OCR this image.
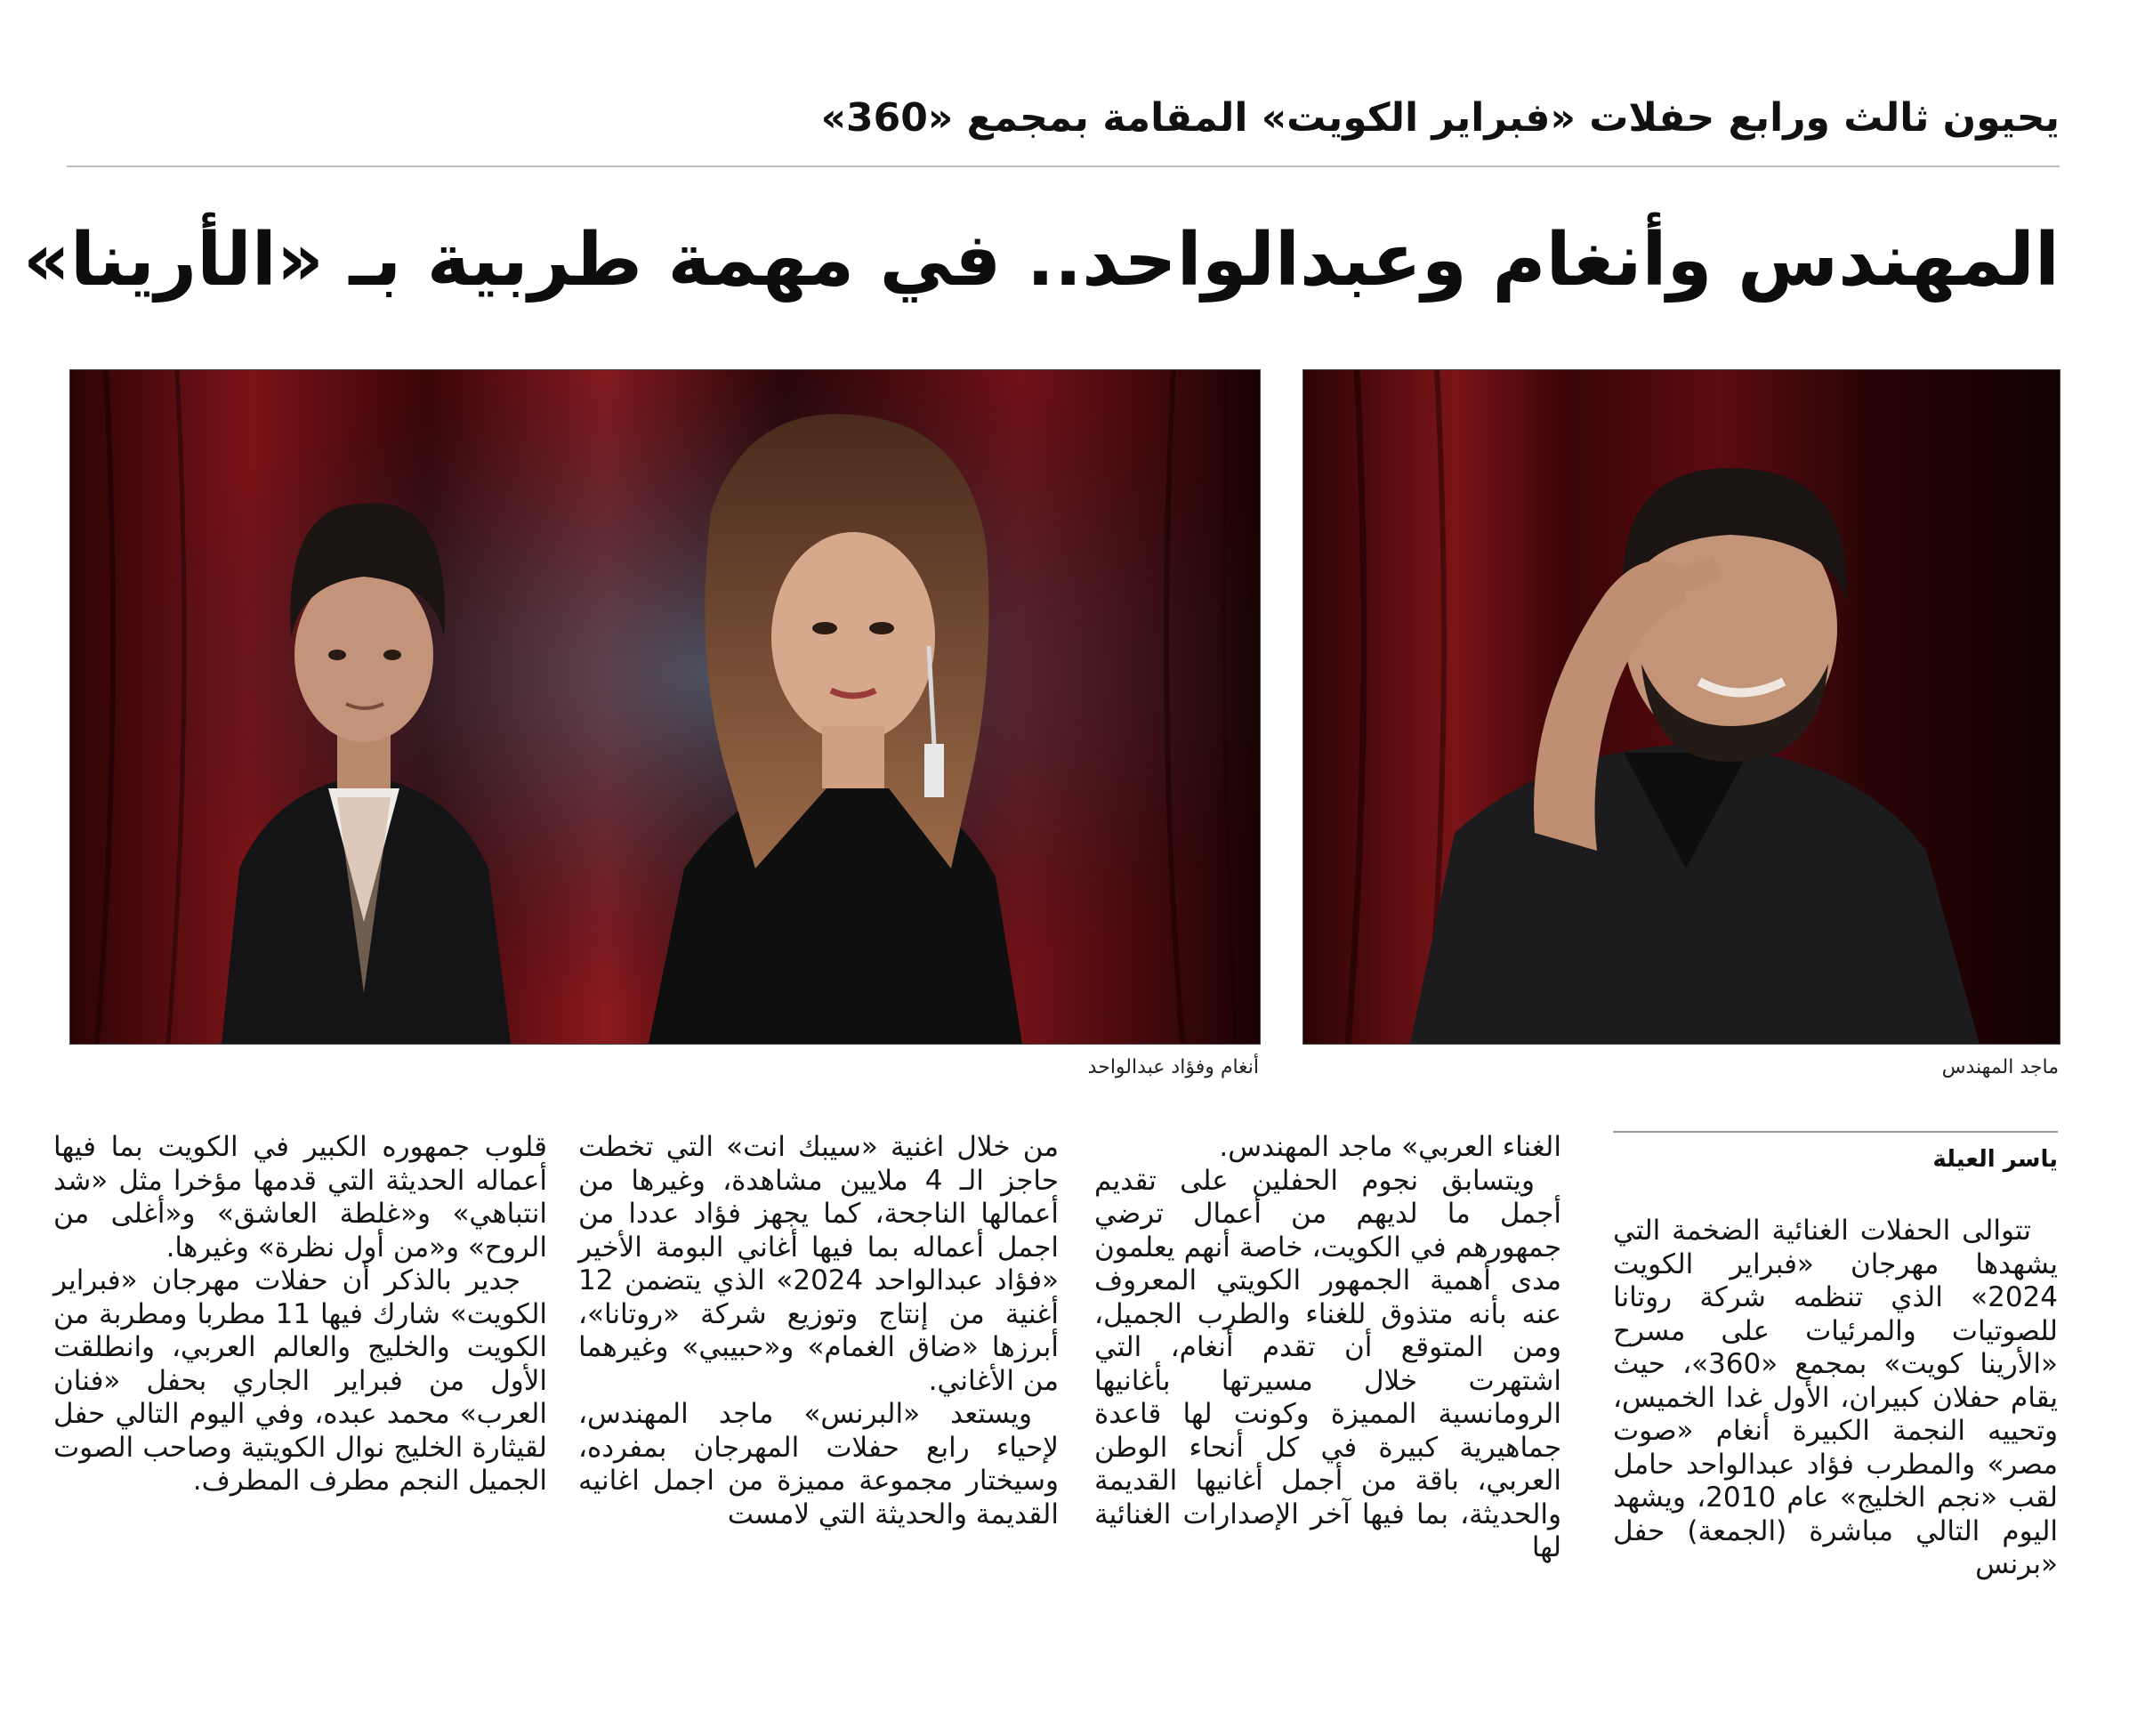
يحيون ثالث ورابع حفلات «فبراير الكويت» المقامة بمجمع «360»
المهندس وأنغام وعبدالواحد.. في مهمة طربية بـ «الأرينا»
أنغام وفؤاد عبدالواحد	ماجد المهندس
ياسر العيلة

تتوالى الحفلات الغنائية الضخمة التي يشهدها مهرجان «فبراير الكويت 2024» الذي تنظمه شركة روتانا للصوتيات والمرئيات على مسرح «الأرينا كويت» بمجمع «360»، حيث يقام حفلان كبيران، الأول غدا الخميس، وتحييه النجمة الكبيرة أنغام «صوت مصر» والمطرب فؤاد عبدالواحد حامل لقب «نجم الخليج» عام 2010، ويشهد اليوم التالي مباشرة (الجمعة) حفل «برنس

الغناء العربي» ماجد المهندس.

ويتسابق نجوم الحفلين على تقديم أجمل ما لديهم من أعمال ترضي جمهورهم في الكويت، خاصة أنهم يعلمون مدى أهمية الجمهور الكويتي المعروف عنه بأنه متذوق للغناء والطرب الجميل، ومن المتوقع أن تقدم أنغام، التي اشتهرت خلال مسيرتها بأغانيها الرومانسية المميزة وكونت لها قاعدة جماهيرية كبيرة في كل أنحاء الوطن العربي، باقة من أجمل أغانيها القديمة والحديثة، بما فيها آخر الإصدارات الغنائية لها

من خلال اغنية «سيبك انت» التي تخطت حاجز الـ 4 ملايين مشاهدة، وغيرها من أعمالها الناجحة، كما يجهز فؤاد عددا من اجمل أعماله بما فيها أغاني البومة الأخير «فؤاد عبدالواحد 2024» الذي يتضمن 12 أغنية من إنتاج وتوزيع شركة «روتانا»، أبرزها «ضاق الغمام» و«حبيبي» وغيرهما من الأغاني.

ويستعد «البرنس» ماجد المهندس، لإحياء رابع حفلات المهرجان بمفرده، وسيختار مجموعة مميزة من اجمل اغانيه القديمة والحديثة التي لامست

قلوب جمهوره الكبير في الكويت بما فيها أعماله الحديثة التي قدمها مؤخرا مثل «شد انتباهي» و«غلطة العاشق» و«أغلى من الروح» و«من أول نظرة» وغيرها.

جدير بالذكر أن حفلات مهرجان «فبراير الكويت» شارك فيها 11 مطربا ومطربة من الكويت والخليج والعالم العربي، وانطلقت الأول من فبراير الجاري بحفل «فنان العرب» محمد عبده، وفي اليوم التالي حفل لقيثارة الخليج نوال الكويتية وصاحب الصوت الجميل النجم مطرف المطرف.
